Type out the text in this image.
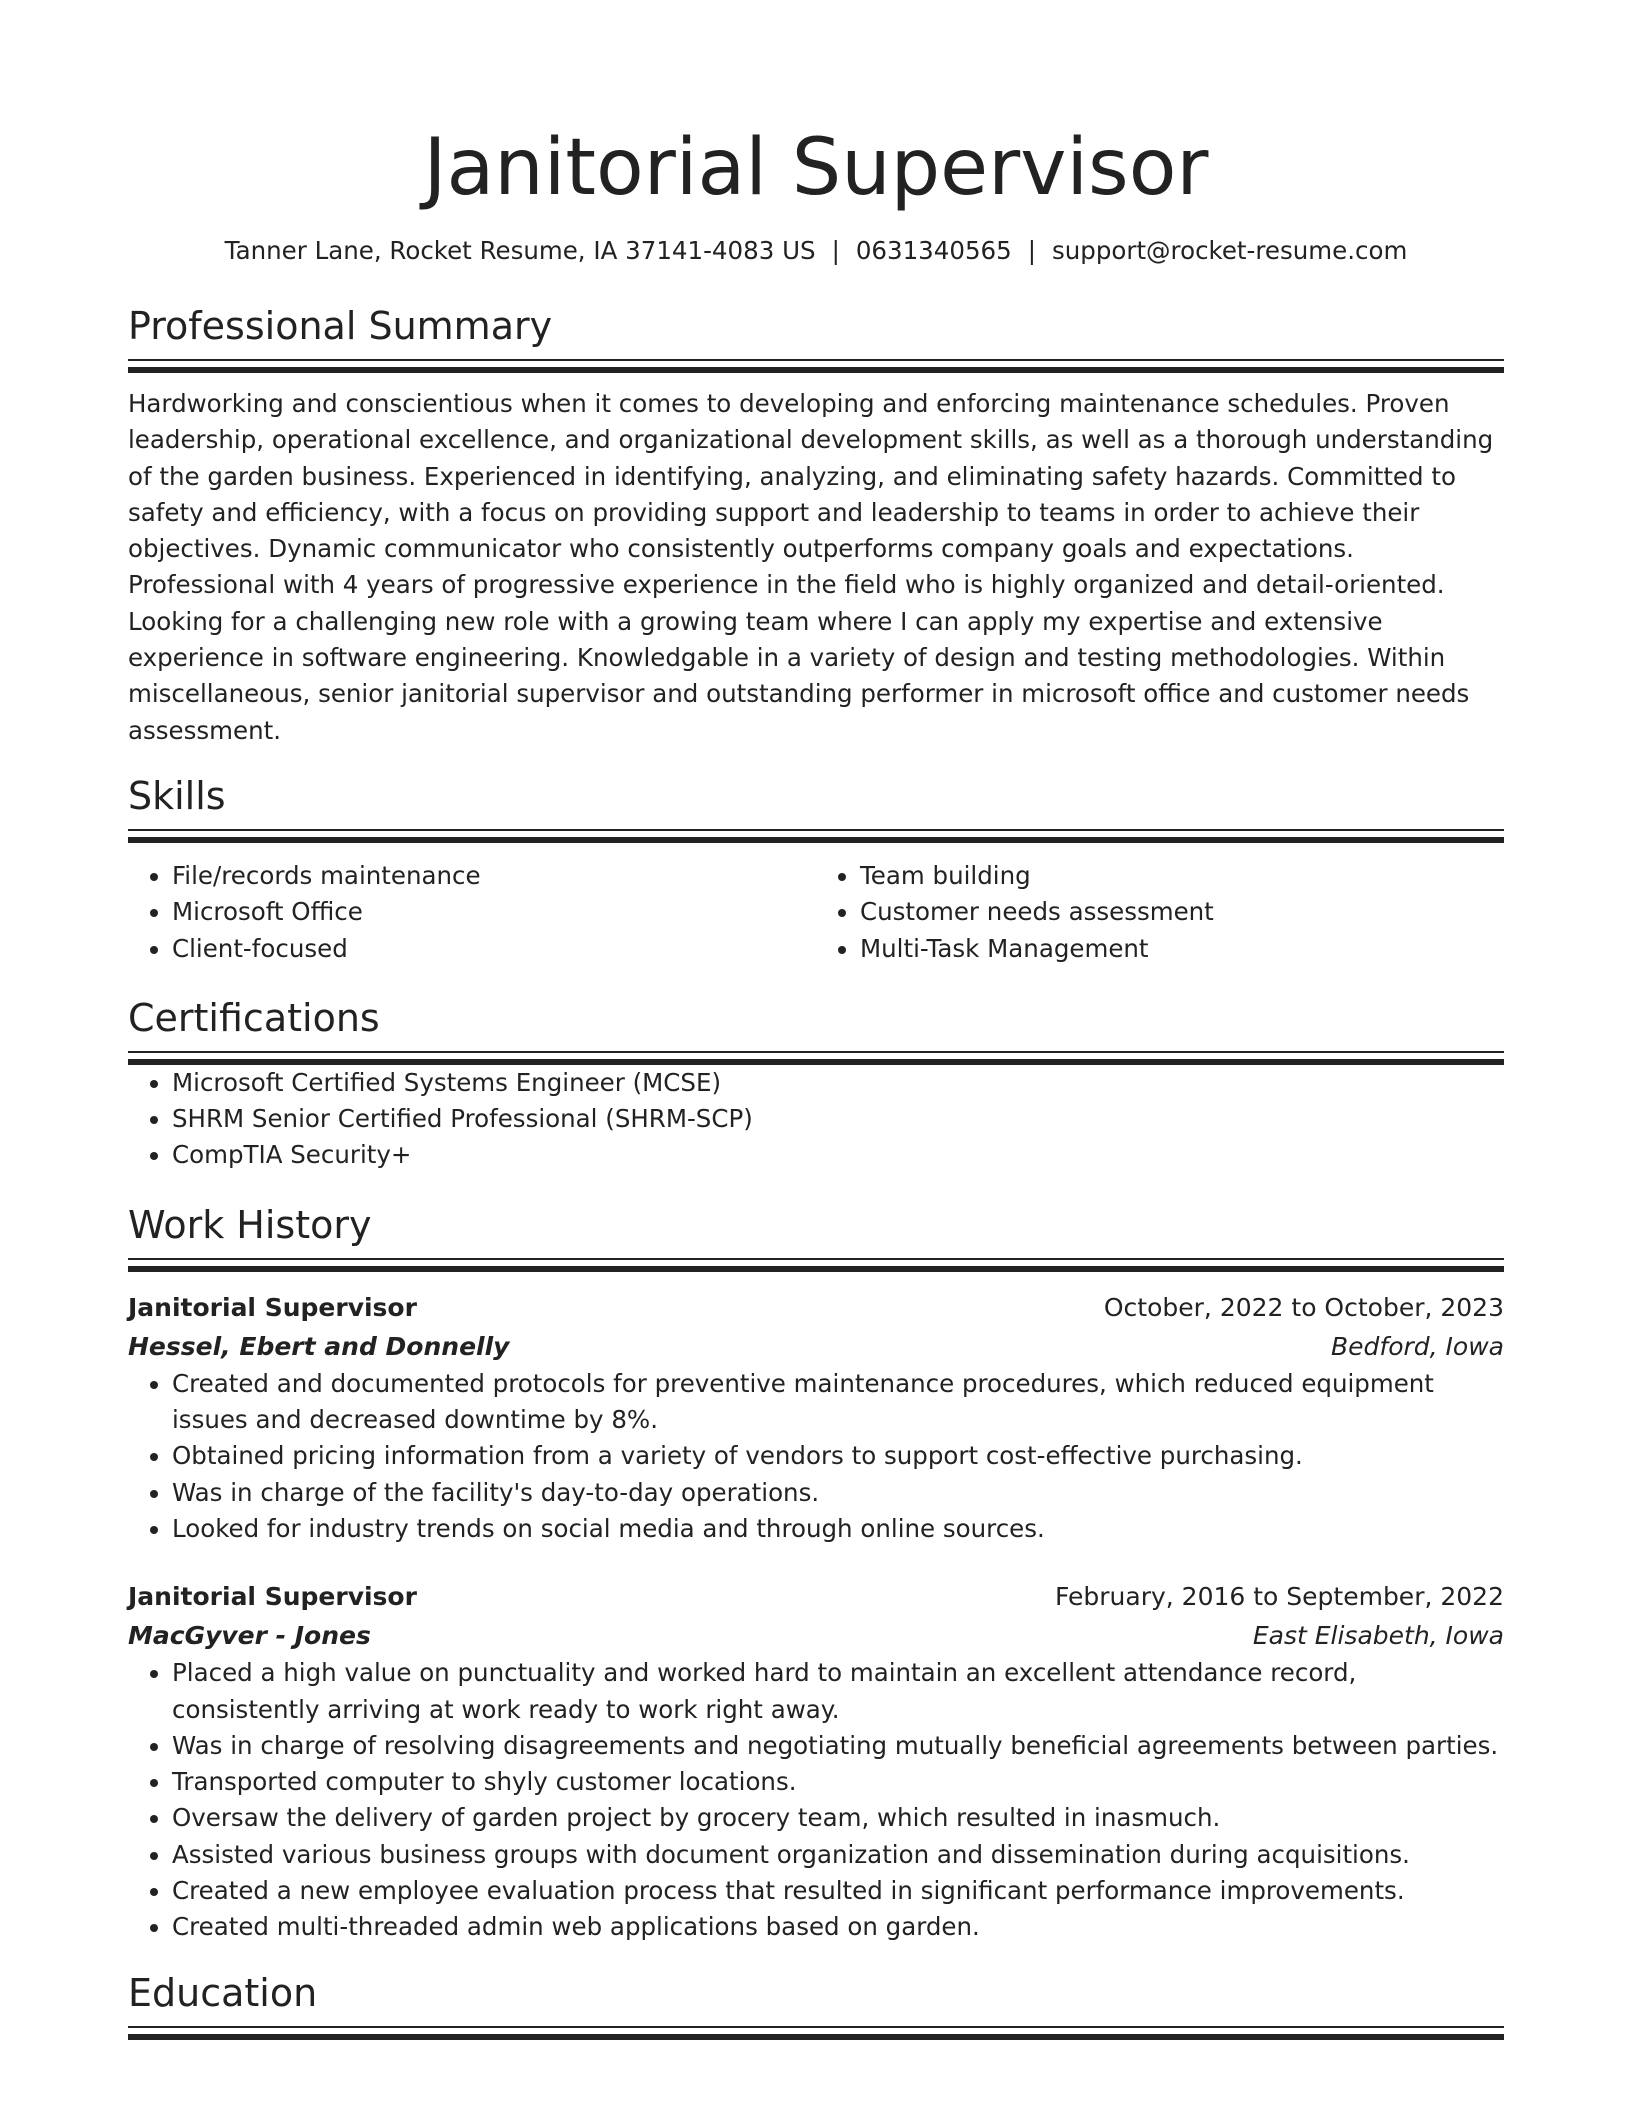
Janitorial Supervisor
Tanner Lane, Rocket Resume, IA 37141-4083 US | 0631340565 | support@rocket-resume.com
Professional Summary

Hardworking and conscientious when it comes to developing and enforcing maintenance schedules. Proven leadership, operational excellence, and organizational development skills, as well as a thorough understanding of the garden business. Experienced in identifying, analyzing, and eliminating safety hazards. Committed to safety and efficiency, with a focus on providing support and leadership to teams in order to achieve their objectives. Dynamic communicator who consistently outperforms company goals and expectations. Professional with 4 years of progressive experience in the field who is highly organized and detail-oriented. Looking for a challenging new role with a growing team where I can apply my expertise and extensive experience in software engineering. Knowledgable in a variety of design and testing methodologies. Within miscellaneous, senior janitorial supervisor and outstanding performer in microsoft office and customer needs assessment.

Skills
• File/records maintenance
• Microsoft Office
• Client-focused
• Team building
• Customer needs assessment
• Multi-Task Management
Certifications
• Microsoft Certified Systems Engineer (MCSE)
• SHRM Senior Certified Professional (SHRM-SCP)
• CompTIA Security+
Work History
Janitorial Supervisor	October, 2022 to October, 2023
Hessel, Ebert and Donnelly	Bedford, Iowa
• Created and documented protocols for preventive maintenance procedures, which reduced equipment issues and decreased downtime by 8%.
• Obtained pricing information from a variety of vendors to support cost-effective purchasing.
• Was in charge of the facility's day-to-day operations.
• Looked for industry trends on social media and through online sources.
Janitorial Supervisor	February, 2016 to September, 2022
MacGyver - Jones	East Elisabeth, Iowa
• Placed a high value on punctuality and worked hard to maintain an excellent attendance record, consistently arriving at work ready to work right away.
• Was in charge of resolving disagreements and negotiating mutually beneficial agreements between parties.
• Transported computer to shyly customer locations.
• Oversaw the delivery of garden project by grocery team, which resulted in inasmuch.
• Assisted various business groups with document organization and dissemination during acquisitions.
• Created a new employee evaluation process that resulted in significant performance improvements.
• Created multi-threaded admin web applications based on garden.
Education
